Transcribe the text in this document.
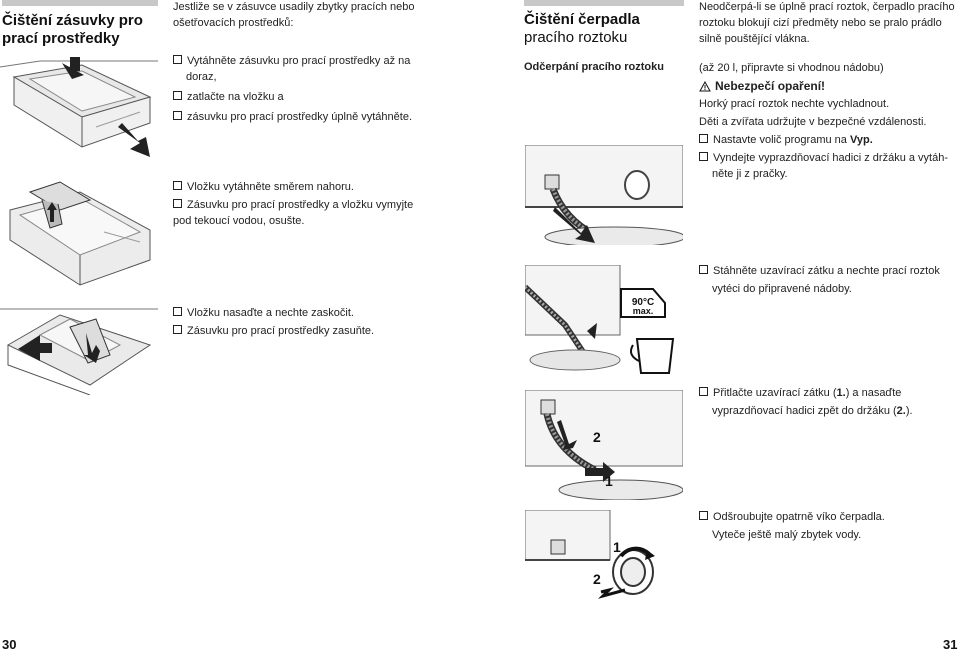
Čištění zásuvky pro
prací prostředky
Jestliže se v zásuvce usadily zbytky pracích nebo
ošetřovacích prostředků:
Vytáhněte zásuvku pro prací prostředky až na
doraz,
zatlačte na vložku a
zásuvku pro prací prostředky úplně vytáhněte.
Vložku vytáhněte směrem nahoru.
Zásuvku pro prací prostředky a vložku vymyjte
pod tekoucí vodou, osušte.
Vložku nasaďte a nechte zaskočit.
Zásuvku pro prací prostředky zasuňte.
30
Čištění čerpadla
pracího roztoku
Neodčerpá-li se úplně prací roztok, čerpadlo pracího
roztoku blokují cizí předměty nebo se pralo prádlo
silně pouštějící vlákna.
Odčerpání pracího roztoku	(až 20 l, připravte si vhodnou nádobu)
Nebezpečí opaření!
Horký prací roztok nechte vychladnout.
Děti a zvířata udržujte v bezpečné vzdálenosti.
Nastavte volič programu na Vyp.
Vyndejte vyprazdňovací hadici z držáku a vytáh-
něte ji z pračky.
Stáhněte uzavírací zátku a nechte prací roztok
vytéci do připravené nádoby.
90°C
max.
Přitlačte uzavírací zátku (1.) a nasaďte
vyprazdňovací hadici zpět do držáku (2.).
2
1
Odšroubujte opatrně víko čerpadla.
Vyteče ještě malý zbytek vody.
1
2
31
